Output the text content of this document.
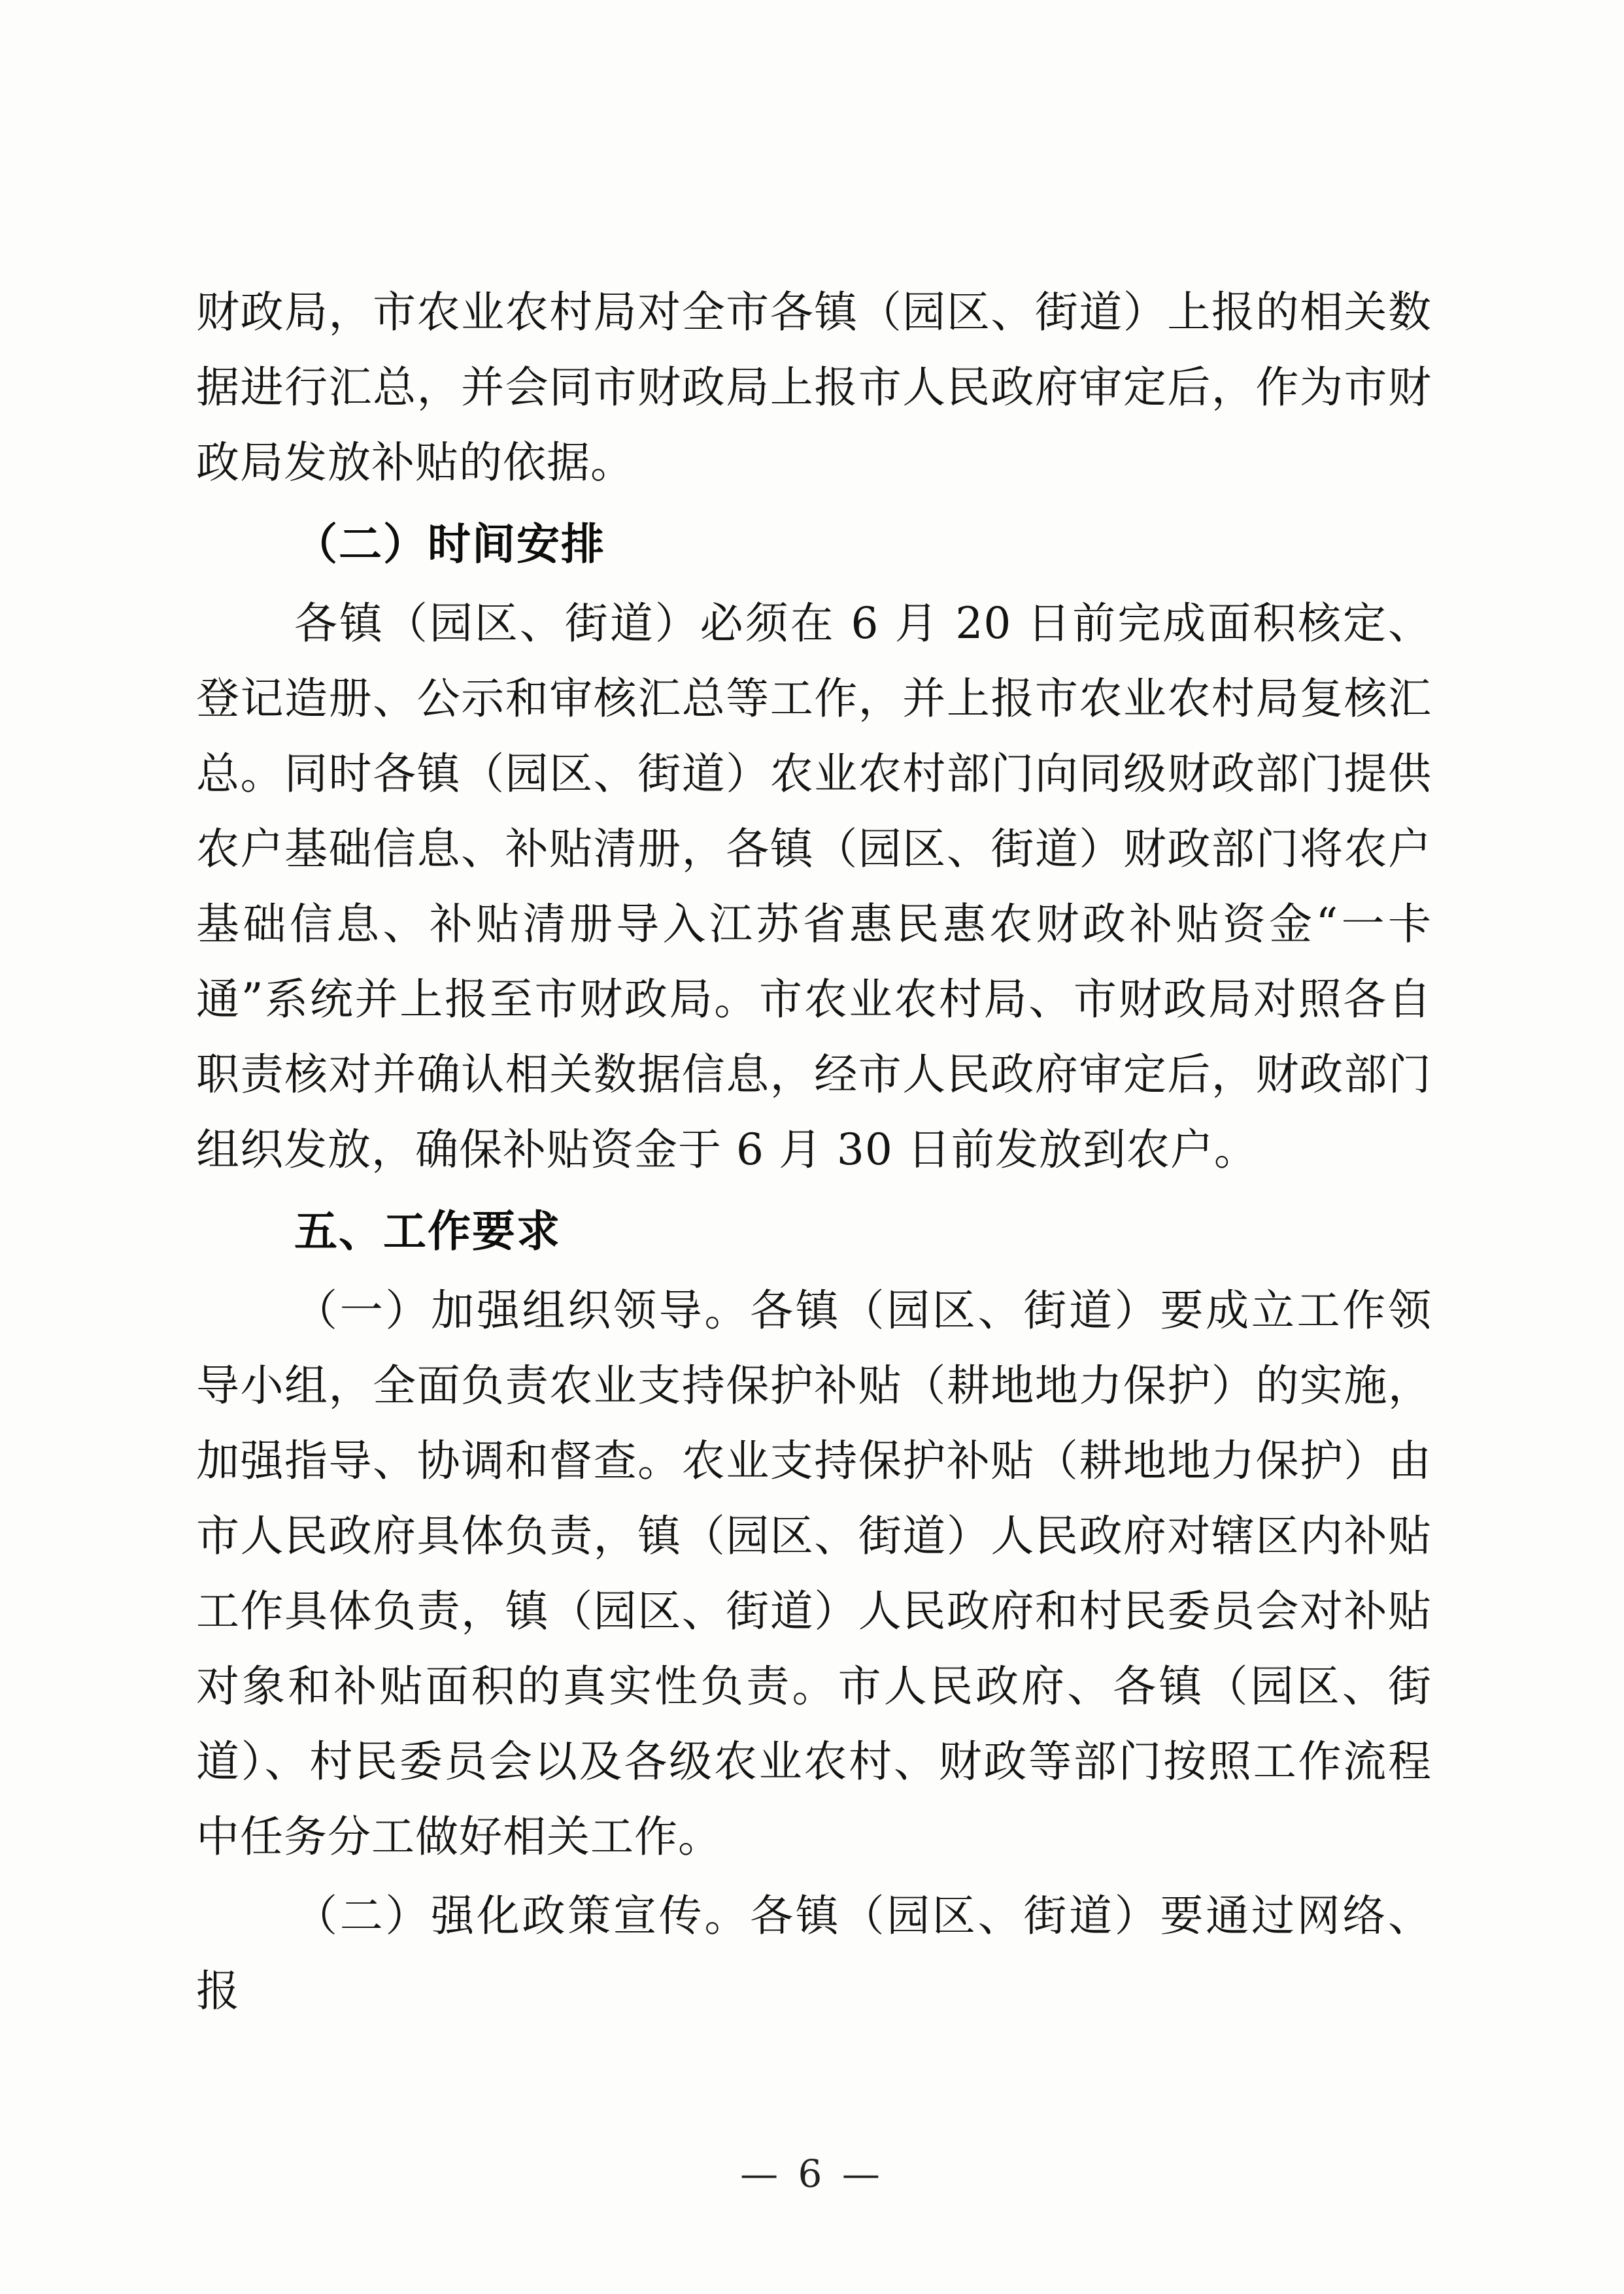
财政局，市农业农村局对全市各镇（园区、街道）上报的相关数据进行汇总，并会同市财政局上报市人民政府审定后，作为市财政局发放补贴的依据。

（二）时间安排

各镇（园区、街道）必须在 6 月 20 日前完成面积核定、登记造册、公示和审核汇总等工作，并上报市农业农村局复核汇总。同时各镇（园区、街道）农业农村部门向同级财政部门提供农户基础信息、补贴清册，各镇（园区、街道）财政部门将农户基础信息、补贴清册导入江苏省惠民惠农财政补贴资金“一卡通”系统并上报至市财政局。市农业农村局、市财政局对照各自职责核对并确认相关数据信息，经市人民政府审定后，财政部门组织发放，确保补贴资金于 6 月 30 日前发放到农户。

五、工作要求

（一）加强组织领导。各镇（园区、街道）要成立工作领导小组，全面负责农业支持保护补贴（耕地地力保护）的实施，加强指导、协调和督查。农业支持保护补贴（耕地地力保护）由市人民政府具体负责，镇（园区、街道）人民政府对辖区内补贴工作具体负责，镇（园区、街道）人民政府和村民委员会对补贴对象和补贴面积的真实性负责。市人民政府、各镇（园区、街道）、村民委员会以及各级农业农村、财政等部门按照工作流程中任务分工做好相关工作。

（二）强化政策宣传。各镇（园区、街道）要通过网络、报

— 6 —
